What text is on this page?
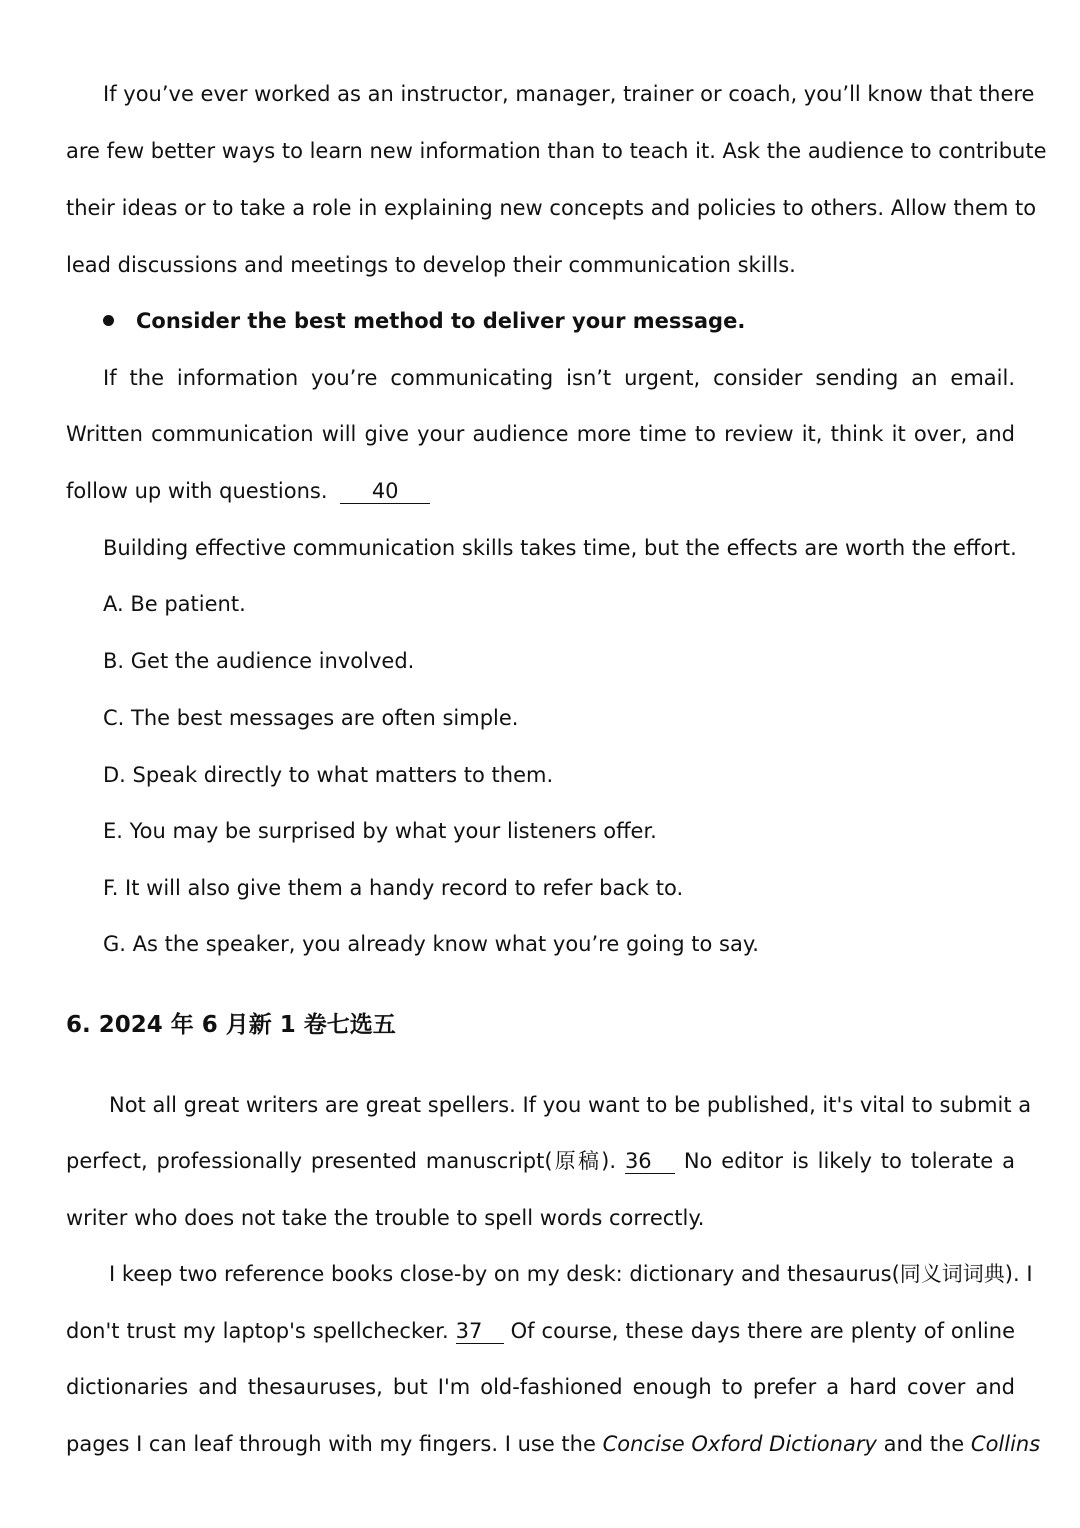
If you’ve ever worked as an instructor, manager, trainer or coach, you’ll know that there
are few better ways to learn new information than to teach it. Ask the audience to contribute
their ideas or to take a role in explaining new concepts and policies to others. Allow them to
lead discussions and meetings to develop their communication skills.
Consider the best method to deliver your message.
If the information you’re communicating isn’t urgent, consider sending an email.
Written communication will give your audience more time to review it, think it over, and
follow up with questions. 40
Building effective communication skills takes time, but the effects are worth the effort.
A. Be patient.
B. Get the audience involved.
C. The best messages are often simple.
D. Speak directly to what matters to them.
E. You may be surprised by what your listeners offer.
F. It will also give them a handy record to refer back to.
G. As the speaker, you already know what you’re going to say.
6. 2024 年 6 月新 1 卷七选五
Not all great writers are great spellers. If you want to be published, it's vital to submit a
perfect, professionally presented manuscript(原稿). 36 No editor is likely to tolerate a
writer who does not take the trouble to spell words correctly.
I keep two reference books close-by on my desk: dictionary and thesaurus(同义词词典). I
don't trust my laptop's spellchecker. 37 Of course, these days there are plenty of online
dictionaries and thesauruses, but I'm old-fashioned enough to prefer a hard cover and
pages I can leaf through with my fingers. I use the Concise Oxford Dictionary and the Collins
